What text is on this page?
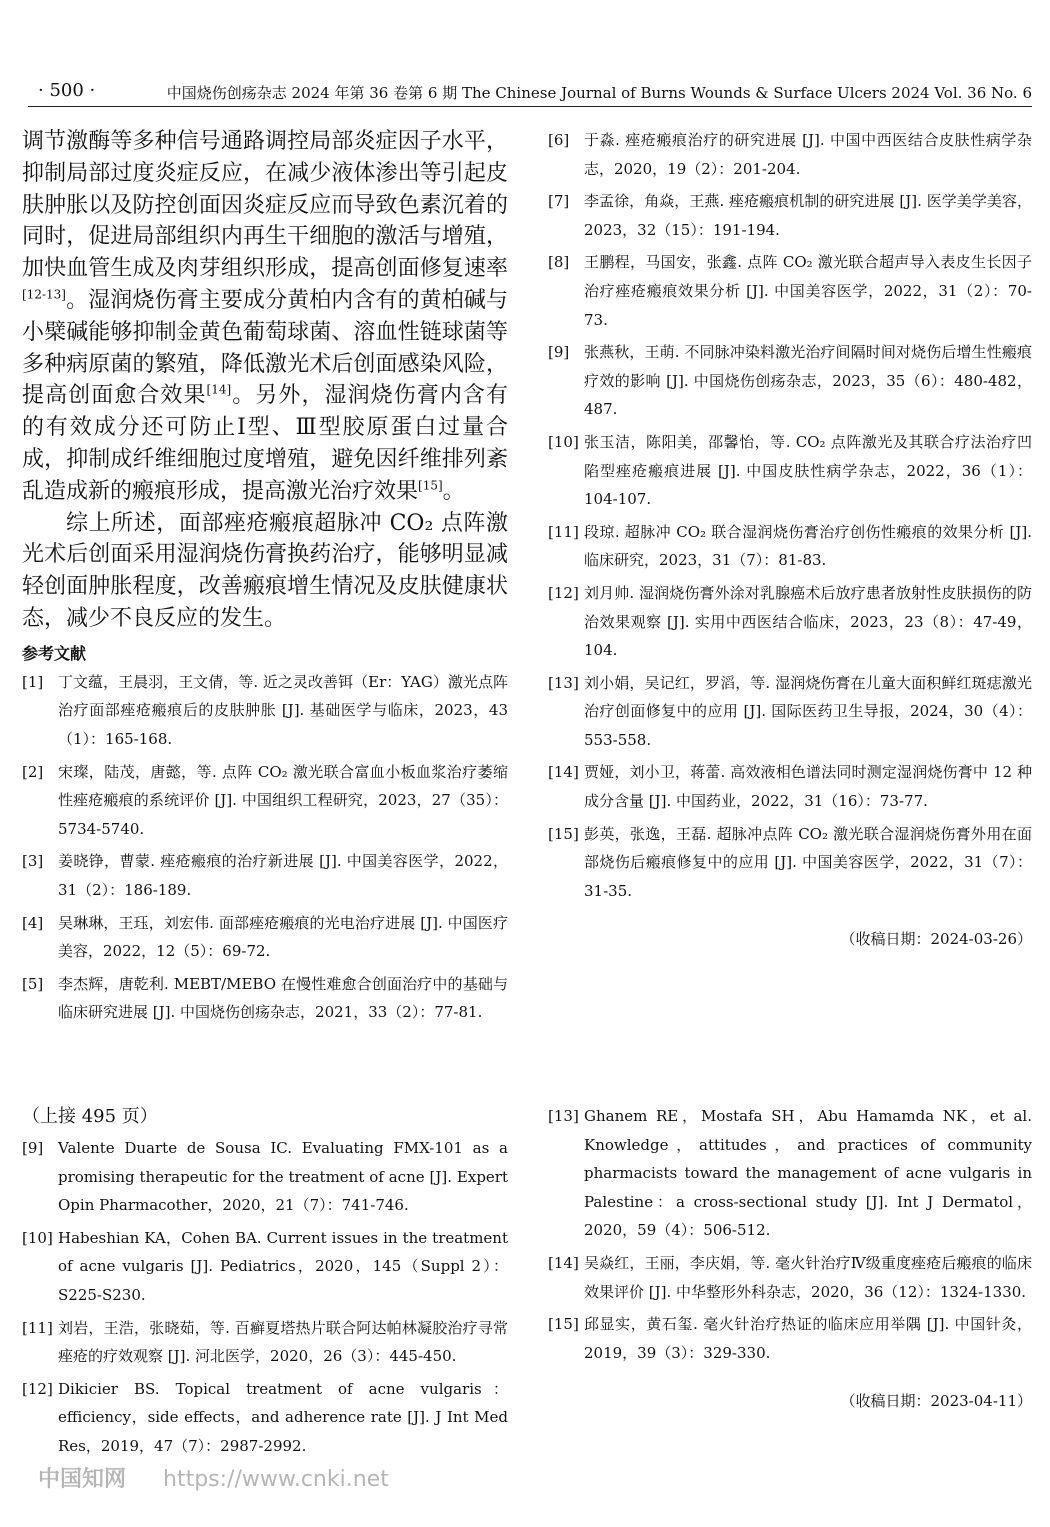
· 500 ·	中国烧伤创疡杂志 2024 年第 36 卷第 6 期 The Chinese Journal of Burns Wounds & Surface Ulcers 2024 Vol. 36 No. 6

调节激酶等多种信号通路调控局部炎症因子水平，抑制局部过度炎症反应，在减少液体渗出等引起皮肤肿胀以及防控创面因炎症反应而导致色素沉着的同时，促进局部组织内再生干细胞的激活与增殖，加快血管生成及肉芽组织形成，提高创面修复速率[12-13]。湿润烧伤膏主要成分黄柏内含有的黄柏碱与小檗碱能够抑制金黄色葡萄球菌、溶血性链球菌等多种病原菌的繁殖，降低激光术后创面感染风险，提高创面愈合效果[14]。另外，湿润烧伤膏内含有的有效成分还可防止Ⅰ型、Ⅲ型胶原蛋白过量合成，抑制成纤维细胞过度增殖，避免因纤维排列紊乱造成新的瘢痕形成，提高激光治疗效果[15]。

综上所述，面部痤疮瘢痕超脉冲 CO₂ 点阵激光术后创面采用湿润烧伤膏换药治疗，能够明显减轻创面肿胀程度，改善瘢痕增生情况及皮肤健康状态，减少不良反应的发生。

参考文献
[1] 丁文蕴，王晨羽，王文倩，等. 近之灵改善铒（Er：YAG）激光点阵治疗面部痤疮瘢痕后的皮肤肿胀 [J]. 基础医学与临床，2023，43（1）：165-168.
[2] 宋璨，陆茂，唐懿，等. 点阵 CO₂ 激光联合富血小板血浆治疗萎缩性痤疮瘢痕的系统评价 [J]. 中国组织工程研究，2023，27（35）：5734-5740.
[3] 姜晓铮，曹蒙. 痤疮瘢痕的治疗新进展 [J]. 中国美容医学，2022，31（2）：186-189.
[4] 吴琳琳，王珏，刘宏伟. 面部痤疮瘢痕的光电治疗进展 [J]. 中国医疗美容，2022，12（5）：69-72.
[5] 李杰辉，唐乾利. MEBT/MEBO 在慢性难愈合创面治疗中的基础与临床研究进展 [J]. 中国烧伤创疡杂志，2021，33（2）：77-81.
[6] 于淼. 痤疮瘢痕治疗的研究进展 [J]. 中国中西医结合皮肤性病学杂志，2020，19（2）：201-204.
[7] 李孟徐，角焱，王燕. 痤疮瘢痕机制的研究进展 [J]. 医学美学美容，2023，32（15）：191-194.
[8] 王鹏程，马国安，张鑫. 点阵 CO₂ 激光联合超声导入表皮生长因子治疗痤疮瘢痕效果分析 [J]. 中国美容医学，2022，31（2）：70-73.
[9] 张燕秋，王萌. 不同脉冲染料激光治疗间隔时间对烧伤后增生性瘢痕疗效的影响 [J]. 中国烧伤创疡杂志，2023，35（6）：480-482，487.
[10] 张玉洁，陈阳美，邵馨怡，等. CO₂ 点阵激光及其联合疗法治疗凹陷型痤疮瘢痕进展 [J]. 中国皮肤性病学杂志，2022，36（1）：104-107.
[11] 段琼. 超脉冲 CO₂ 联合湿润烧伤膏治疗创伤性瘢痕的效果分析 [J]. 临床研究，2023，31（7）：81-83.
[12] 刘月帅. 湿润烧伤膏外涂对乳腺癌术后放疗患者放射性皮肤损伤的防治效果观察 [J]. 实用中西医结合临床，2023，23（8）：47-49，104.
[13] 刘小娟，吴记红，罗滔，等. 湿润烧伤膏在儿童大面积鲜红斑痣激光治疗创面修复中的应用 [J]. 国际医药卫生导报，2024，30（4）：553-558.
[14] 贾娅，刘小卫，蒋蕾. 高效液相色谱法同时测定湿润烧伤膏中 12 种成分含量 [J]. 中国药业，2022，31（16）：73-77.
[15] 彭英，张逸，王磊. 超脉冲点阵 CO₂ 激光联合湿润烧伤膏外用在面部烧伤后瘢痕修复中的应用 [J]. 中国美容医学，2022，31（7）：31-35.
（收稿日期：2024-03-26）
（上接 495 页）
[9] Valente Duarte de Sousa IC. Evaluating FMX-101 as a promising therapeutic for the treatment of acne [J]. Expert Opin Pharmacother，2020，21（7）：741-746.
[10] Habeshian KA，Cohen BA. Current issues in the treatment of acne vulgaris [J]. Pediatrics，2020，145（Suppl 2）：S225-S230.
[11] 刘岩，王浩，张晓茹，等. 百癣夏塔热片联合阿达帕林凝胶治疗寻常痤疮的疗效观察 [J]. 河北医学，2020，26（3）：445-450.
[12] Dikicier BS. Topical treatment of acne vulgaris：efficiency，side effects，and adherence rate [J]. J Int Med Res，2019，47（7）：2987-2992.
[13] Ghanem RE，Mostafa SH，Abu Hamamda NK，et al. Knowledge，attitudes，and practices of community pharmacists toward the management of acne vulgaris in Palestine：a cross-sectional study [J]. Int J Dermatol，2020，59（4）：506-512.
[14] 吴焱红，王丽，李庆娟，等. 毫火针治疗Ⅳ级重度痤疮后瘢痕的临床效果评价 [J]. 中华整形外科杂志，2020，36（12）：1324-1330.
[15] 邱显实，黄石玺. 毫火针治疗热证的临床应用举隅 [J]. 中国针灸，2019，39（3）：329-330.
（收稿日期：2023-04-11）
中国知网 https://www.cnki.net
